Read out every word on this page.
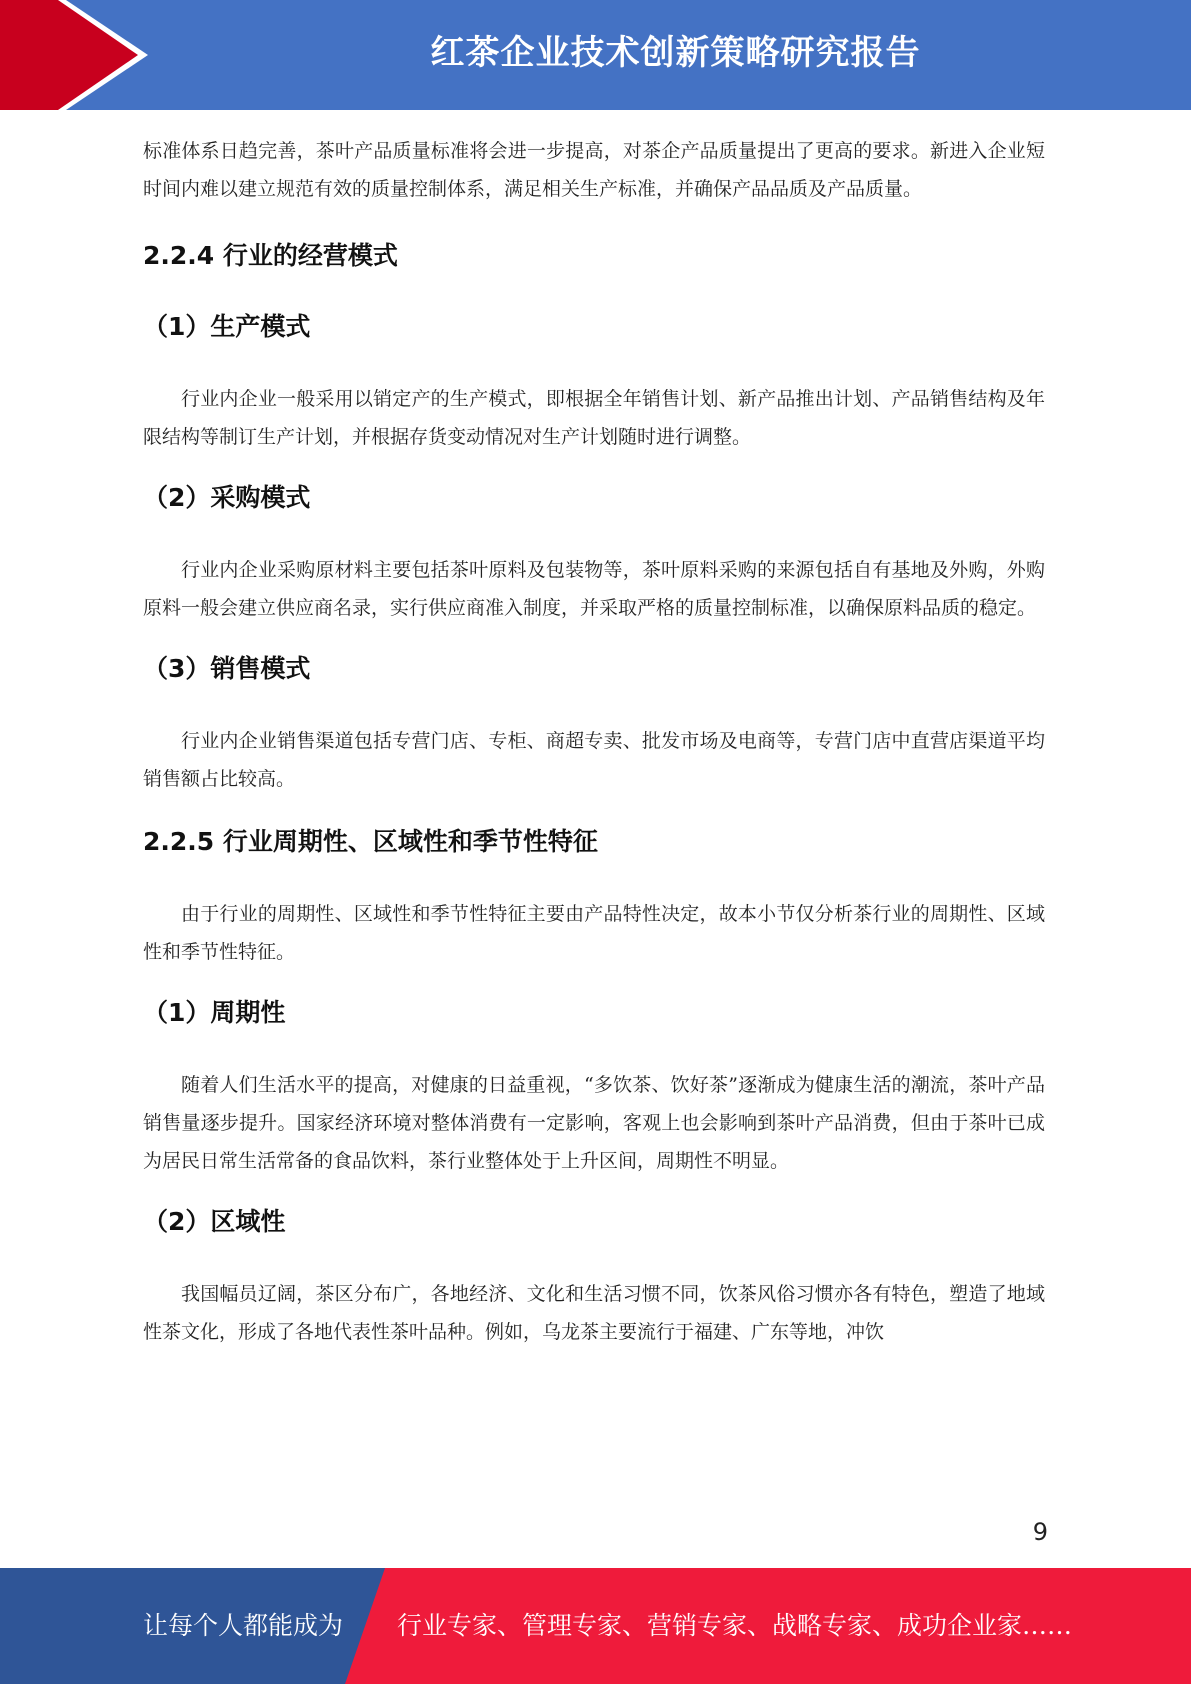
红茶企业技术创新策略研究报告

标准体系日趋完善，茶叶产品质量标准将会进一步提高，对茶企产品质量提出了更高的要求。新进入企业短时间内难以建立规范有效的质量控制体系，满足相关生产标准，并确保产品品质及产品质量。

2.2.4 行业的经营模式
（1）生产模式

行业内企业一般采用以销定产的生产模式，即根据全年销售计划、新产品推出计划、产品销售结构及年限结构等制订生产计划，并根据存货变动情况对生产计划随时进行调整。

（2）采购模式

行业内企业采购原材料主要包括茶叶原料及包装物等，茶叶原料采购的来源包括自有基地及外购，外购原料一般会建立供应商名录，实行供应商准入制度，并采取严格的质量控制标准，以确保原料品质的稳定。

（3）销售模式

行业内企业销售渠道包括专营门店、专柜、商超专卖、批发市场及电商等，专营门店中直营店渠道平均销售额占比较高。

2.2.5 行业周期性、区域性和季节性特征

由于行业的周期性、区域性和季节性特征主要由产品特性决定，故本小节仅分析茶行业的周期性、区域性和季节性特征。

（1）周期性

随着人们生活水平的提高，对健康的日益重视，“多饮茶、饮好茶”逐渐成为健康生活的潮流，茶叶产品销售量逐步提升。国家经济环境对整体消费有一定影响，客观上也会影响到茶叶产品消费，但由于茶叶已成为居民日常生活常备的食品饮料，茶行业整体处于上升区间，周期性不明显。

（2）区域性

我国幅员辽阔，茶区分布广，各地经济、文化和生活习惯不同，饮茶风俗习惯亦各有特色，塑造了地域性茶文化，形成了各地代表性茶叶品种。例如，乌龙茶主要流行于福建、广东等地，冲饮

9
让每个人都能成为 行业专家、管理专家、营销专家、战略专家、成功企业家……
